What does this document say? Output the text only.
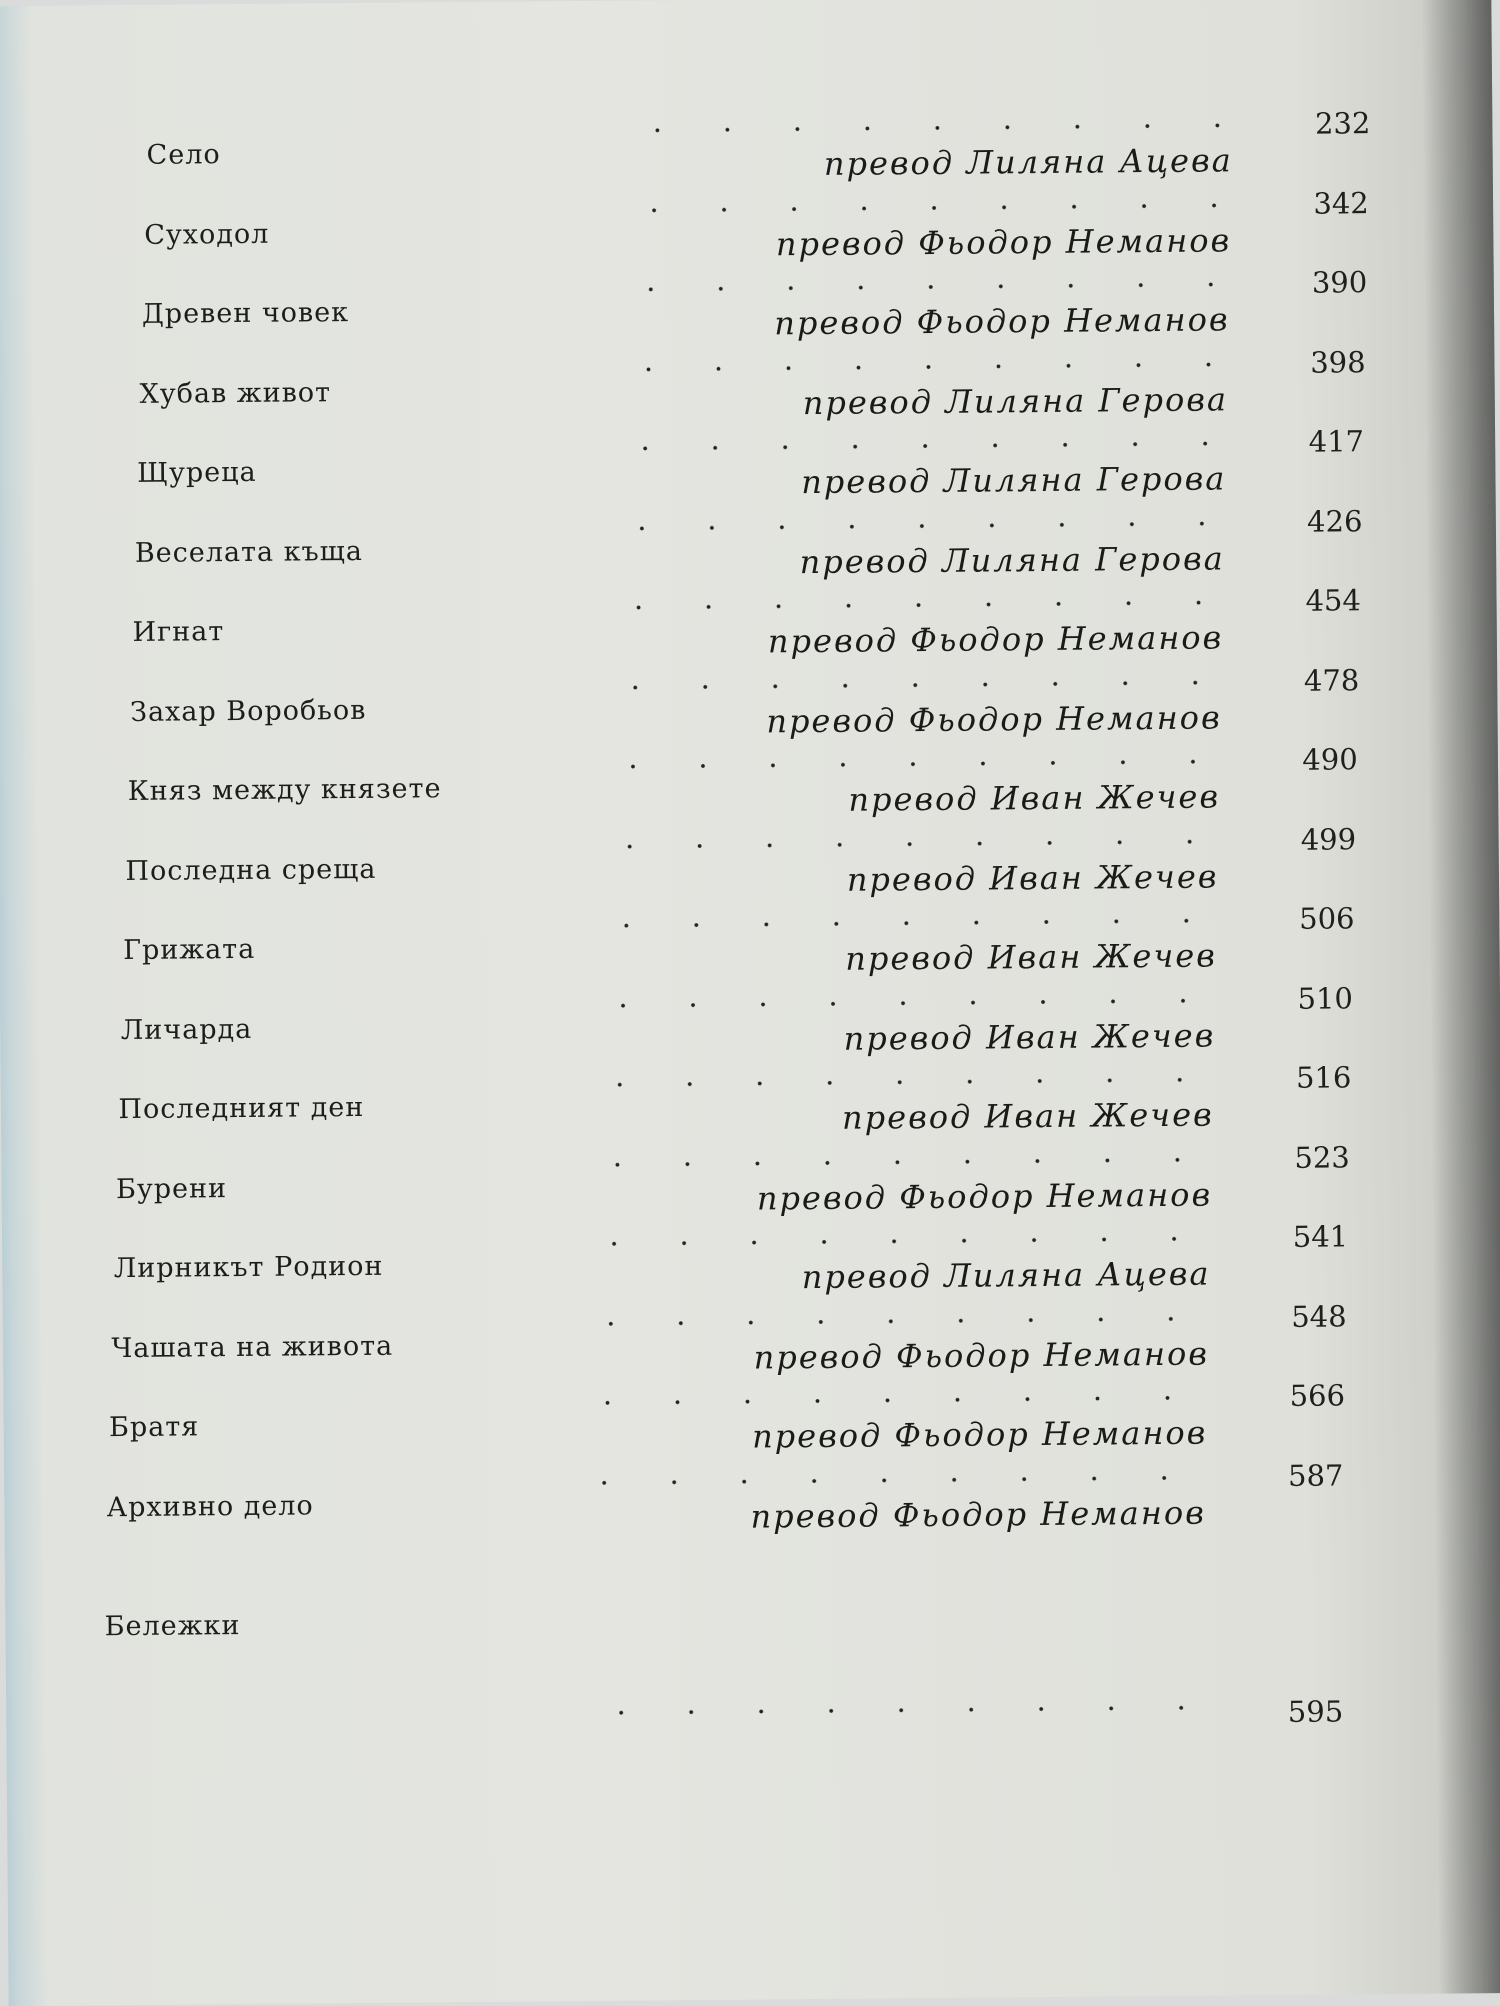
Село
232
превод Лиляна Ацева
Суходол
342
превод Фьодор Неманов
Древен човек
390
превод Фьодор Неманов
Хубав живот
398
превод Лиляна Герова
Щуреца
417
превод Лиляна Герова
Веселата къща
426
превод Лиляна Герова
Игнат
454
превод Фьодор Неманов
Захар Воробьов
478
превод Фьодор Неманов
Княз между князете
490
превод Иван Жечев
Последна среща
499
превод Иван Жечев
Грижата
506
превод Иван Жечев
Личарда
510
превод Иван Жечев
Последният ден
516
превод Иван Жечев
Бурени
523
превод Фьодор Неманов
Лирникът Родион
541
превод Лиляна Ацева
Чашата на живота
548
превод Фьодор Неманов
Братя
566
превод Фьодор Неманов
Архивно дело
587
превод Фьодор Неманов
Бележки
595
